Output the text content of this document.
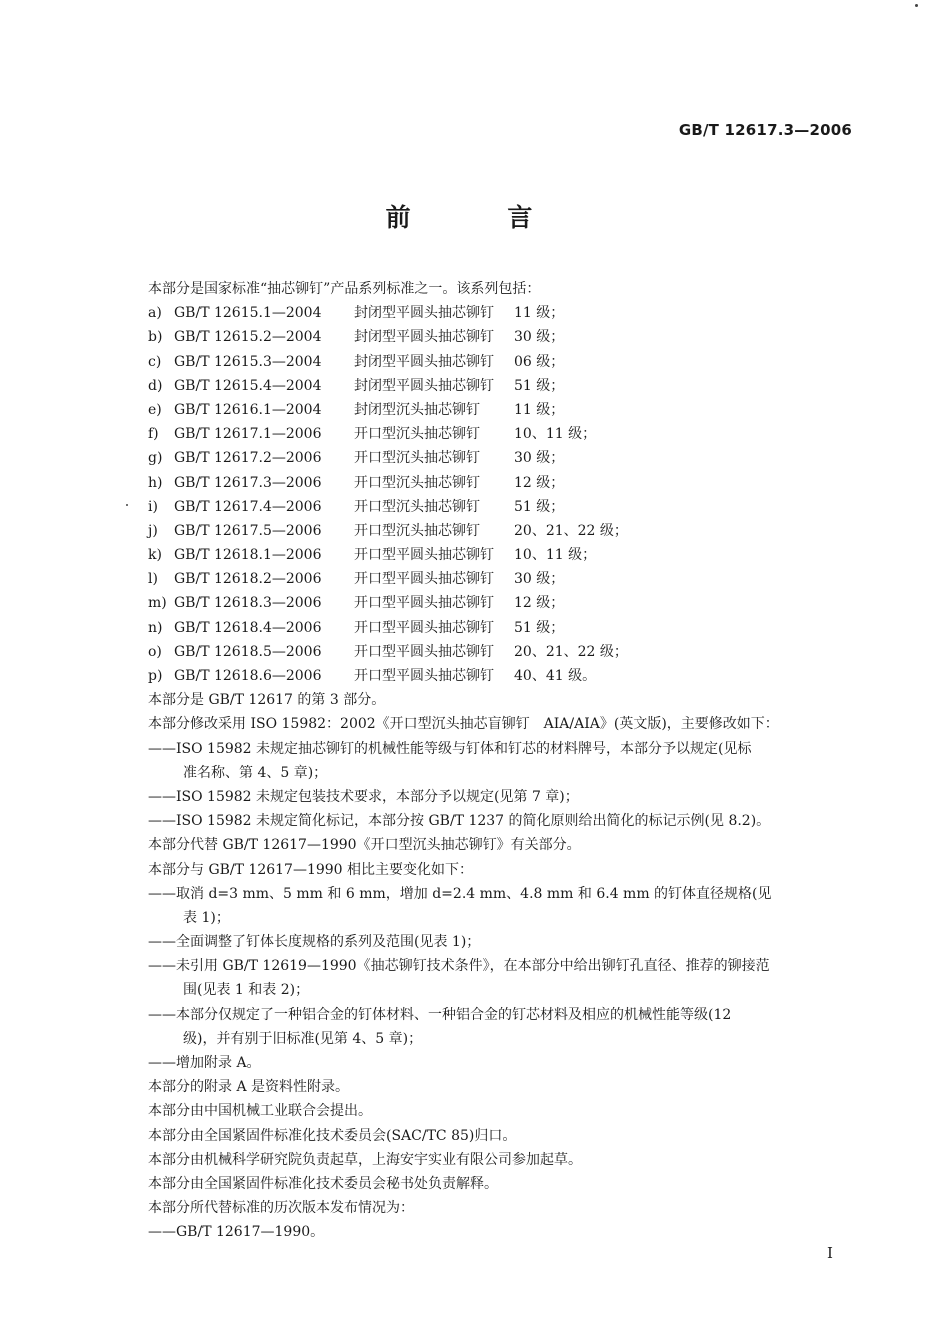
GB/T 12617.3—2006
前 言
本部分是国家标准“抽芯铆钉”产品系列标准之一。该系列包括：
a) GB/T 12615.1—2004 封闭型平圆头抽芯铆钉 11 级；
b) GB/T 12615.2—2004 封闭型平圆头抽芯铆钉 30 级；
c) GB/T 12615.3—2004 封闭型平圆头抽芯铆钉 06 级；
d) GB/T 12615.4—2004 封闭型平圆头抽芯铆钉 51 级；
e) GB/T 12616.1—2004 封闭型沉头抽芯铆钉 11 级；
f) GB/T 12617.1—2006 开口型沉头抽芯铆钉 10、11 级；
g) GB/T 12617.2—2006 开口型沉头抽芯铆钉 30 级；
h) GB/T 12617.3—2006 开口型沉头抽芯铆钉 12 级；
i) GB/T 12617.4—2006 开口型沉头抽芯铆钉 51 级；
j) GB/T 12617.5—2006 开口型沉头抽芯铆钉 20、21、22 级；
k) GB/T 12618.1—2006 开口型平圆头抽芯铆钉 10、11 级；
l) GB/T 12618.2—2006 开口型平圆头抽芯铆钉 30 级；
m) GB/T 12618.3—2006 开口型平圆头抽芯铆钉 12 级；
n) GB/T 12618.4—2006 开口型平圆头抽芯铆钉 51 级；
o) GB/T 12618.5—2006 开口型平圆头抽芯铆钉 20、21、22 级；
p) GB/T 12618.6—2006 开口型平圆头抽芯铆钉 40、41 级。
本部分是 GB/T 12617 的第 3 部分。
本部分修改采用 ISO 15982：2002《开口型沉头抽芯盲铆钉　AIA/AIA》(英文版)，主要修改如下：
——ISO 15982 未规定抽芯铆钉的机械性能等级与钉体和钉芯的材料牌号，本部分予以规定(见标
准名称、第 4、5 章)；
——ISO 15982 未规定包装技术要求，本部分予以规定(见第 7 章)；
——ISO 15982 未规定简化标记，本部分按 GB/T 1237 的简化原则给出简化的标记示例(见 8.2)。
本部分代替 GB/T 12617—1990《开口型沉头抽芯铆钉》有关部分。
本部分与 GB/T 12617—1990 相比主要变化如下：
——取消 d=3 mm、5 mm 和 6 mm，增加 d=2.4 mm、4.8 mm 和 6.4 mm 的钉体直径规格(见
表 1)；
——全面调整了钉体长度规格的系列及范围(见表 1)；
——未引用 GB/T 12619—1990《抽芯铆钉技术条件》，在本部分中给出铆钉孔直径、推荐的铆接范
围(见表 1 和表 2)；
——本部分仅规定了一种铝合金的钉体材料、一种铝合金的钉芯材料及相应的机械性能等级(12
级)，并有别于旧标准(见第 4、5 章)；
——增加附录 A。
本部分的附录 A 是资料性附录。
本部分由中国机械工业联合会提出。
本部分由全国紧固件标准化技术委员会(SAC/TC 85)归口。
本部分由机械科学研究院负责起草，上海安宇实业有限公司参加起草。
本部分由全国紧固件标准化技术委员会秘书处负责解释。
本部分所代替标准的历次版本发布情况为：
——GB/T 12617—1990。
I
